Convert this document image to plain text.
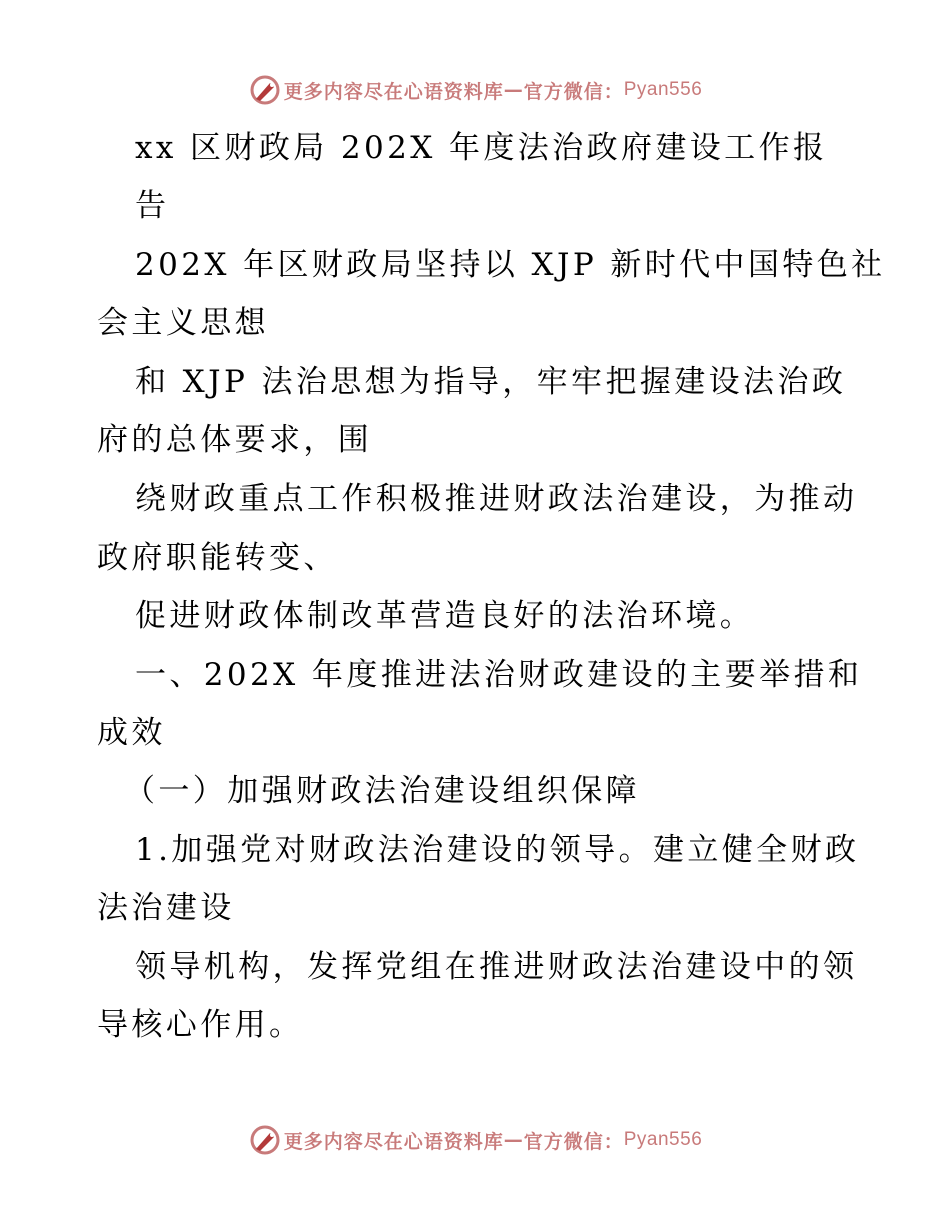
更多内容尽在心语资料库 — 官方微信： Pyan556
xx 区财政局 202X 年度法治政府建设工作报
告
202X 年区财政局坚持以 XJP 新时代中国特色社
会主义思想
和 XJP 法治思想为指导，牢牢把握建设法治政
府的总体要求，围
绕财政重点工作积极推进财政法治建设，为推动
政府职能转变、
促进财政体制改革营造良好的法治环境。
一、202X 年度推进法治财政建设的主要举措和
成效
（一）加强财政法治建设组织保障
1.加强党对财政法治建设的领导。建立健全财政
法治建设
领导机构，发挥党组在推进财政法治建设中的领
导核心作用。
更多内容尽在心语资料库 — 官方微信： Pyan556
